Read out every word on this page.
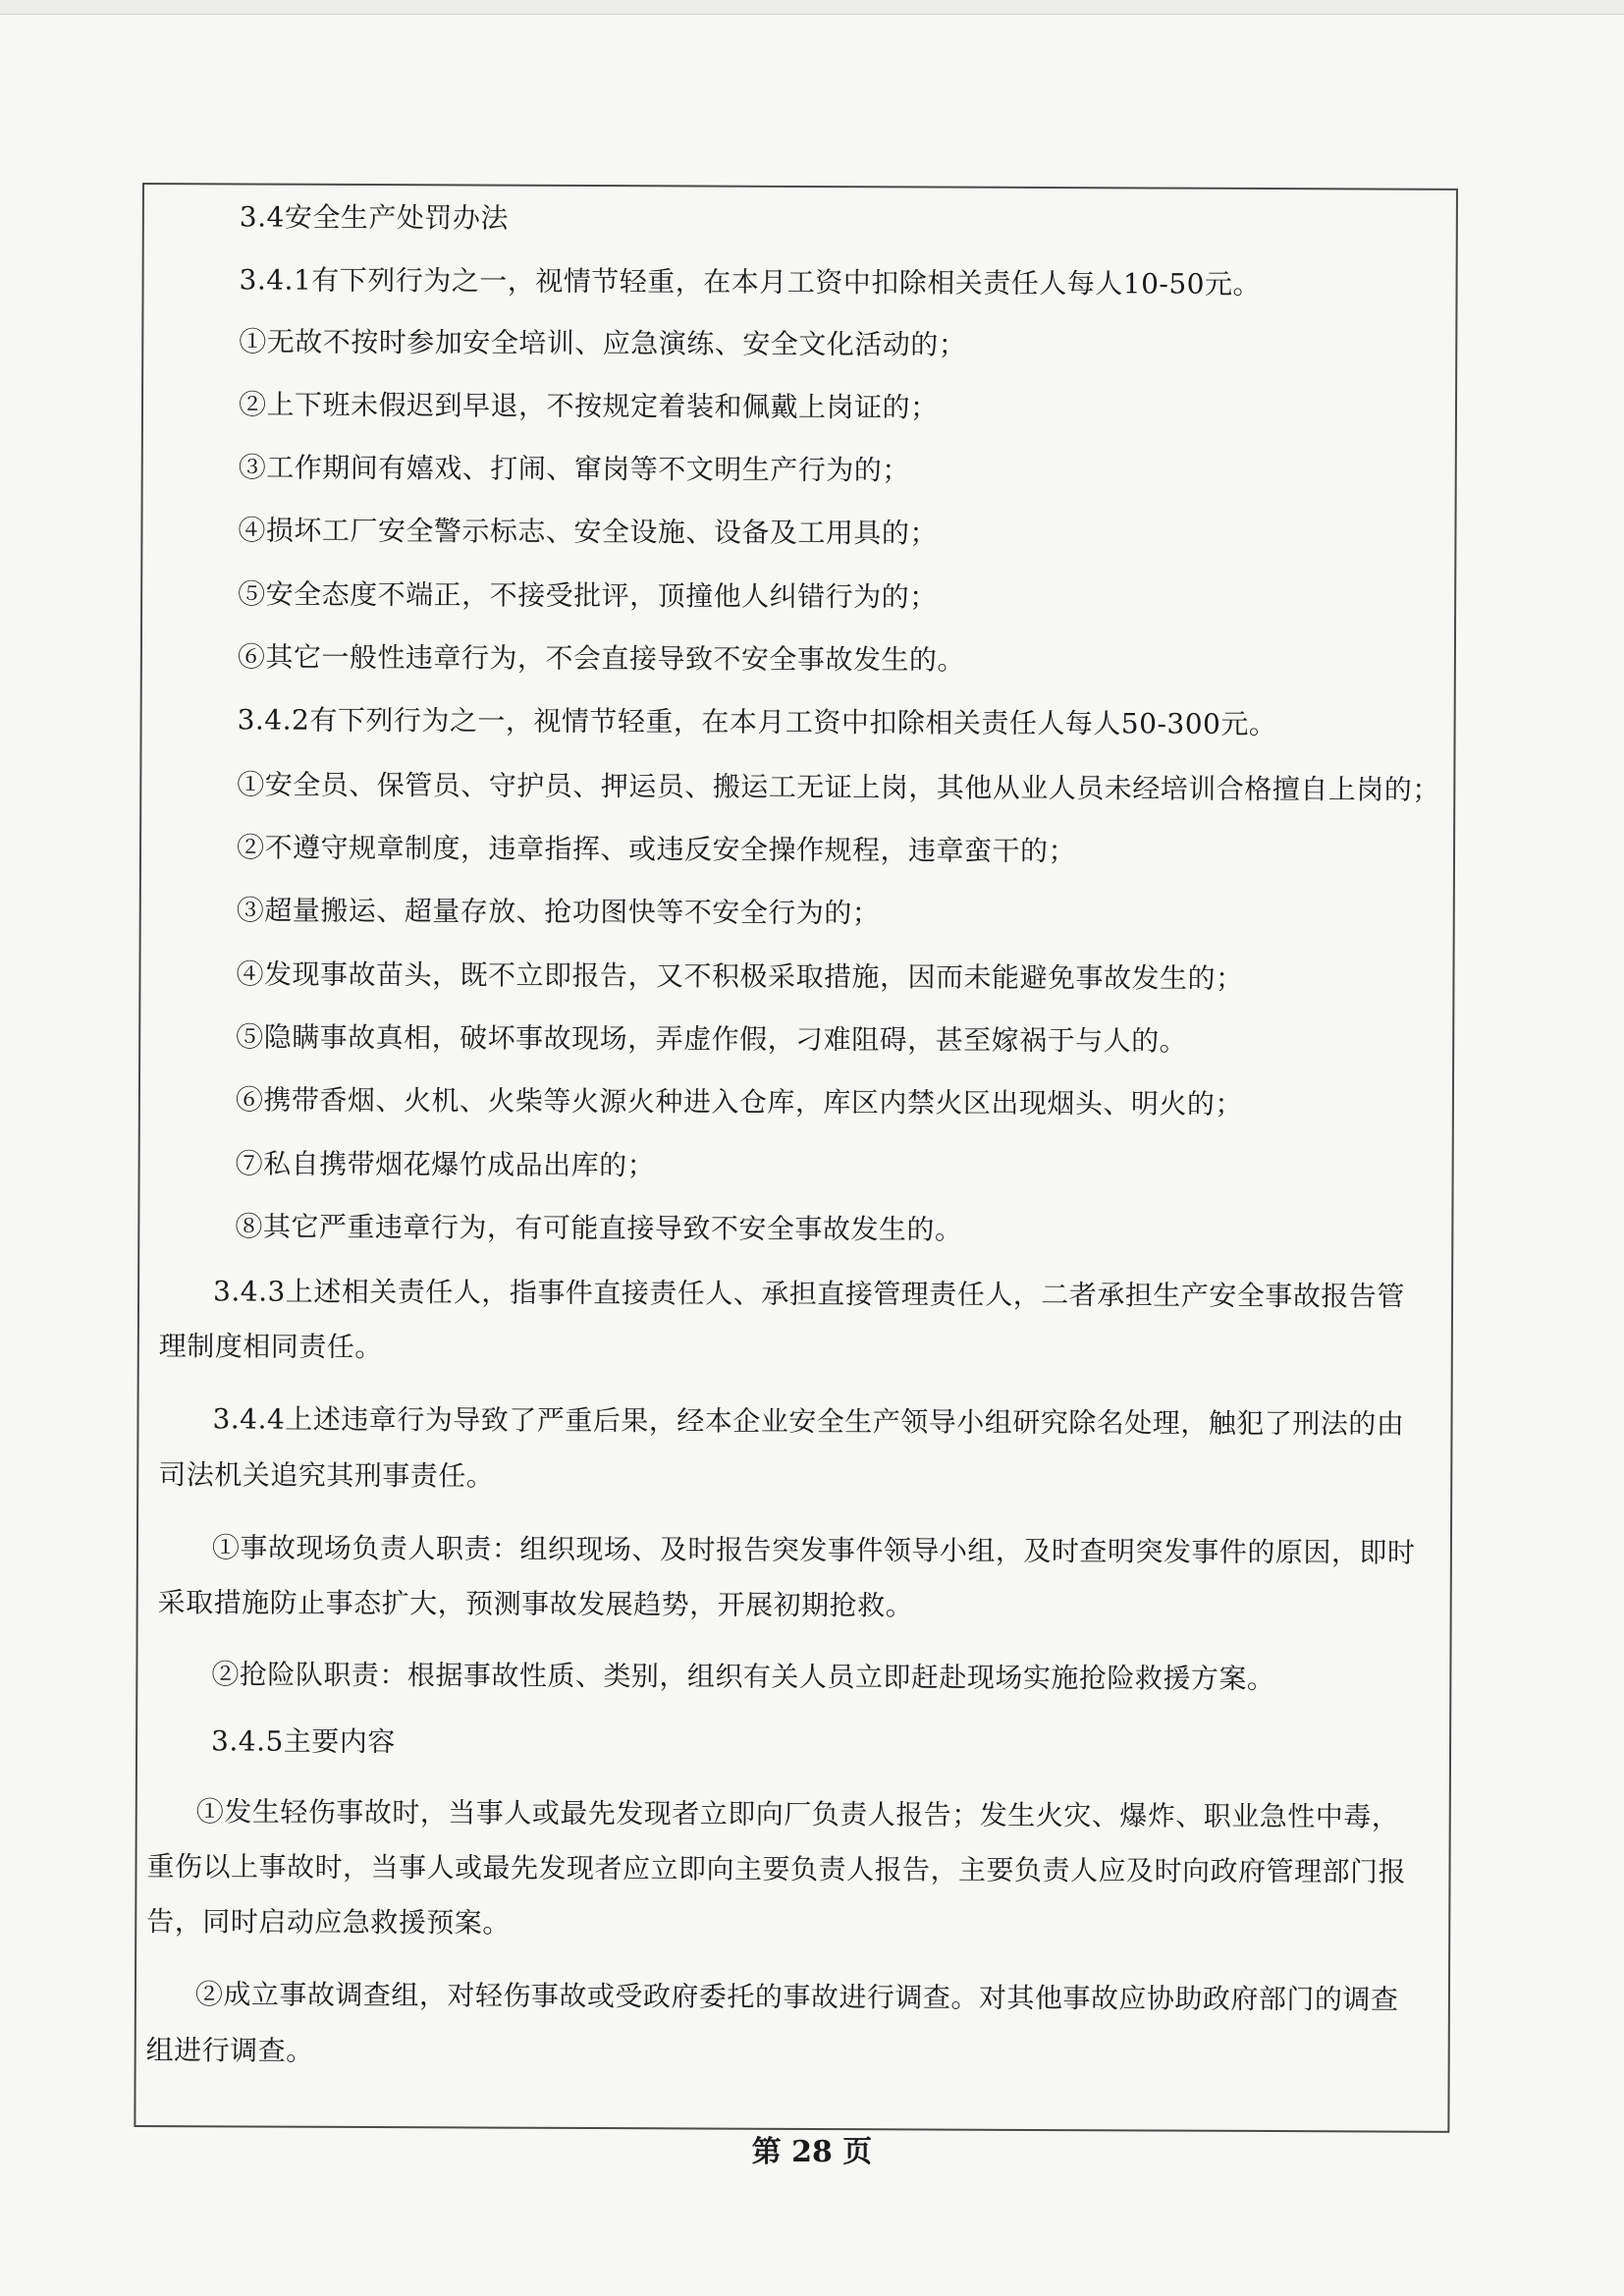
3.4安全生产处罚办法
3.4.1有下列行为之一，视情节轻重，在本月工资中扣除相关责任人每人10-50元。
①无故不按时参加安全培训、应急演练、安全文化活动的；
②上下班未假迟到早退，不按规定着装和佩戴上岗证的；
③工作期间有嬉戏、打闹、窜岗等不文明生产行为的；
④损坏工厂安全警示标志、安全设施、设备及工用具的；
⑤安全态度不端正，不接受批评，顶撞他人纠错行为的；
⑥其它一般性违章行为，不会直接导致不安全事故发生的。
3.4.2有下列行为之一，视情节轻重，在本月工资中扣除相关责任人每人50-300元。
①安全员、保管员、守护员、押运员、搬运工无证上岗，其他从业人员未经培训合格擅自上岗的；
②不遵守规章制度，违章指挥、或违反安全操作规程，违章蛮干的；
③超量搬运、超量存放、抢功图快等不安全行为的；
④发现事故苗头，既不立即报告，又不积极采取措施，因而未能避免事故发生的；
⑤隐瞒事故真相，破坏事故现场，弄虚作假，刁难阻碍，甚至嫁祸于与人的。
⑥携带香烟、火机、火柴等火源火种进入仓库，库区内禁火区出现烟头、明火的；
⑦私自携带烟花爆竹成品出库的；
⑧其它严重违章行为，有可能直接导致不安全事故发生的。
3.4.3上述相关责任人，指事件直接责任人、承担直接管理责任人，二者承担生产安全事故报告管
理制度相同责任。
3.4.4上述违章行为导致了严重后果，经本企业安全生产领导小组研究除名处理，触犯了刑法的由
司法机关追究其刑事责任。
①事故现场负责人职责：组织现场、及时报告突发事件领导小组，及时查明突发事件的原因，即时
采取措施防止事态扩大，预测事故发展趋势，开展初期抢救。
②抢险队职责：根据事故性质、类别，组织有关人员立即赶赴现场实施抢险救援方案。
3.4.5主要内容
①发生轻伤事故时，当事人或最先发现者立即向厂负责人报告；发生火灾、爆炸、职业急性中毒，
重伤以上事故时，当事人或最先发现者应立即向主要负责人报告，主要负责人应及时向政府管理部门报
告，同时启动应急救援预案。
②成立事故调查组，对轻伤事故或受政府委托的事故进行调查。对其他事故应协助政府部门的调查
组进行调查。
第 28 页
